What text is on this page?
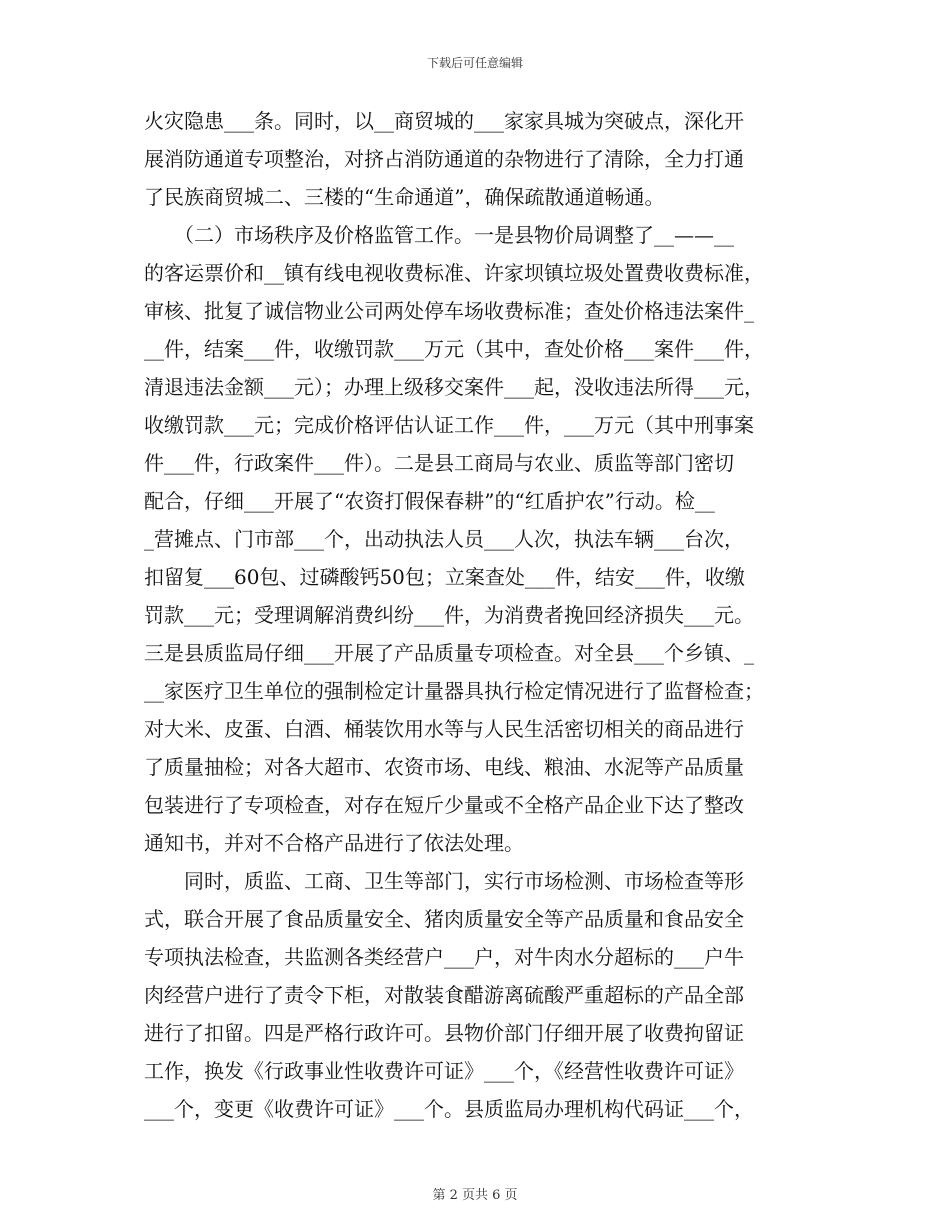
下载后可任意编辑
火灾隐患___条。同时，以__商贸城的___家家具城为突破点，深化开
展消防通道专项整治，对挤占消防通道的杂物进行了清除，全力打通
了民族商贸城二、三楼的“生命通道”，确保疏散通道畅通。
　　（二）市场秩序及价格监管工作。一是县物价局调整了__——__
的客运票价和__镇有线电视收费标准、许家坝镇垃圾处置费收费标准，
审核、批复了诚信物业公司两处停车场收费标准；查处价格违法案件_
__件，结案___件，收缴罚款___万元（其中，查处价格___案件___件，
清退违法金额___元）；办理上级移交案件___起，没收违法所得___元，
收缴罚款___元；完成价格评估认证工作___件，___万元（其中刑事案
件___件，行政案件___件）。二是县工商局与农业、质监等部门密切
配合，仔细___开展了“农资打假保春耕”的“红盾护农”行动。检__
_营摊点、门市部___个，出动执法人员___人次，执法车辆___台次，
扣留复___60包、过磷酸钙50包；立案查处___件，结安___件，收缴
罚款___元；受理调解消费纠纷___件，为消费者挽回经济损失___元。
三是县质监局仔细___开展了产品质量专项检查。对全县___个乡镇、_
__家医疗卫生单位的强制检定计量器具执行检定情况进行了监督检查；
对大米、皮蛋、白酒、桶装饮用水等与人民生活密切相关的商品进行
了质量抽检；对各大超市、农资市场、电线、粮油、水泥等产品质量
包装进行了专项检查，对存在短斤少量或不全格产品企业下达了整改
通知书，并对不合格产品进行了依法处理。
　　同时，质监、工商、卫生等部门，实行市场检测、市场检查等形
式，联合开展了食品质量安全、猪肉质量安全等产品质量和食品安全
专项执法检查，共监测各类经营户___户，对牛肉水分超标的___户牛
肉经营户进行了责令下柜，对散装食醋游离硫酸严重超标的产品全部
进行了扣留。四是严格行政许可。县物价部门仔细开展了收费拘留证
工作，换发《行政事业性收费许可证》___个，《经营性收费许可证》
___个，变更《收费许可证》___个。县质监局办理机构代码证___个，
第 2 页共 6 页
